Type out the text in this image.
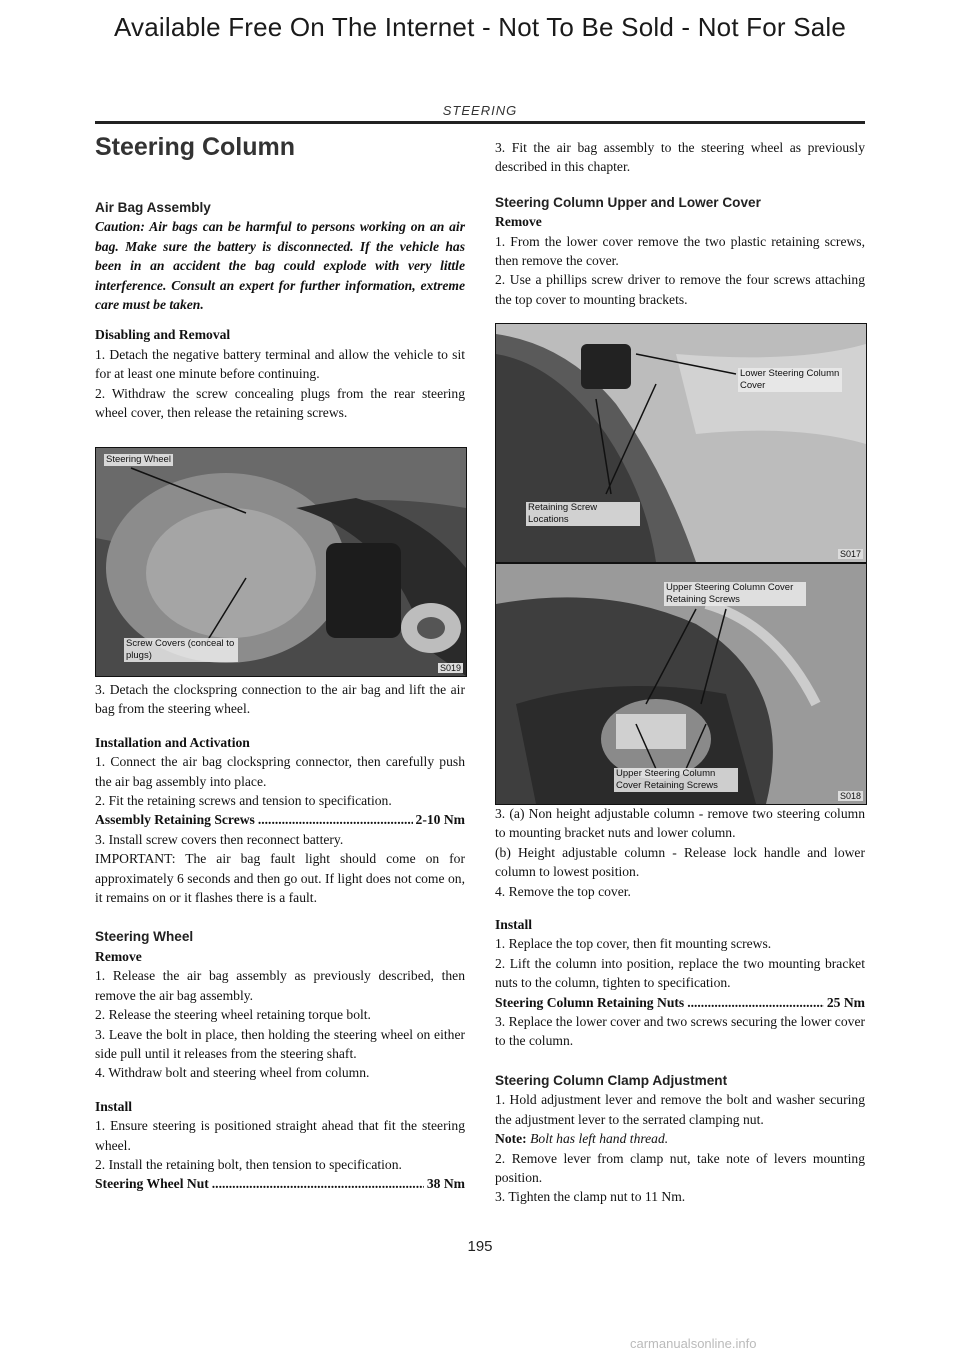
Available Free On The Internet - Not To Be Sold - Not For Sale
STEERING
Steering Column

Air Bag Assembly

Caution: Air bags can be harmful to persons working on an air bag. Make sure the battery is disconnected. If the vehicle has been in an accident the bag could explode with very little interference. Consult an expert for further information, extreme care must be taken.

Disabling and Removal

1. Detach the negative battery terminal and allow the vehicle to sit for at least one minute before continuing.

2. Withdraw the screw concealing plugs from the rear steering wheel cover, then release the retaining screws.

Steering Wheel
Screw Covers (conceal to plugs)
S019

3. Detach the clockspring connection to the air bag and lift the air bag from the steering wheel.

Installation and Activation

1. Connect the air bag clockspring connector, then carefully push the air bag assembly into place.

2. Fit the retaining screws and tension to specification.

Assembly Retaining Screws .....	2-10 Nm

3. Install screw covers then reconnect battery.

IMPORTANT: The air bag fault light should come on for approximately 6 seconds and then go out. If light does not come on, it remains on or it flashes there is a fault.

Steering Wheel

Remove

1. Release the air bag assembly as previously described, then remove the air bag assembly.

2. Release the steering wheel retaining torque bolt.

3. Leave the bolt in place, then holding the steering wheel on either side pull until it releases from the steering shaft.

4. Withdraw bolt and steering wheel from column.

Install

1. Ensure steering is positioned straight ahead that fit the steering wheel.

2. Install the retaining bolt, then tension to specification.

Steering Wheel Nut .....	38 Nm

3. Fit the air bag assembly to the steering wheel as previously described in this chapter.

Steering Column Upper and Lower Cover

Remove

1. From the lower cover remove the two plastic retaining screws, then remove the cover.

2. Use a phillips screw driver to remove the four screws attaching the top cover to mounting brackets.

Lower Steering Column Cover
Retaining Screw Locations
S017
Upper Steering Column Cover Retaining Screws
Upper Steering Column Cover Retaining Screws
S018

3. (a) Non height adjustable column - remove two steering column to mounting bracket nuts and lower column.

(b) Height adjustable column - Release lock handle and lower column to lowest position.

4. Remove the top cover.

Install

1. Replace the top cover, then fit mounting screws.

2. Lift the column into position, replace the two mounting bracket nuts to the column, tighten to specification.

Steering Column Retaining Nuts .....	25 Nm

3. Replace the lower cover and two screws securing the lower cover to the column.

Steering Column Clamp Adjustment

1. Hold adjustment lever and remove the bolt and washer securing the adjustment lever to the serrated clamping nut.

Note: Bolt has left hand thread.

2. Remove lever from clamp nut, take note of levers mounting position.

3. Tighten the clamp nut to 11 Nm.

195
carmanualsonline.info
